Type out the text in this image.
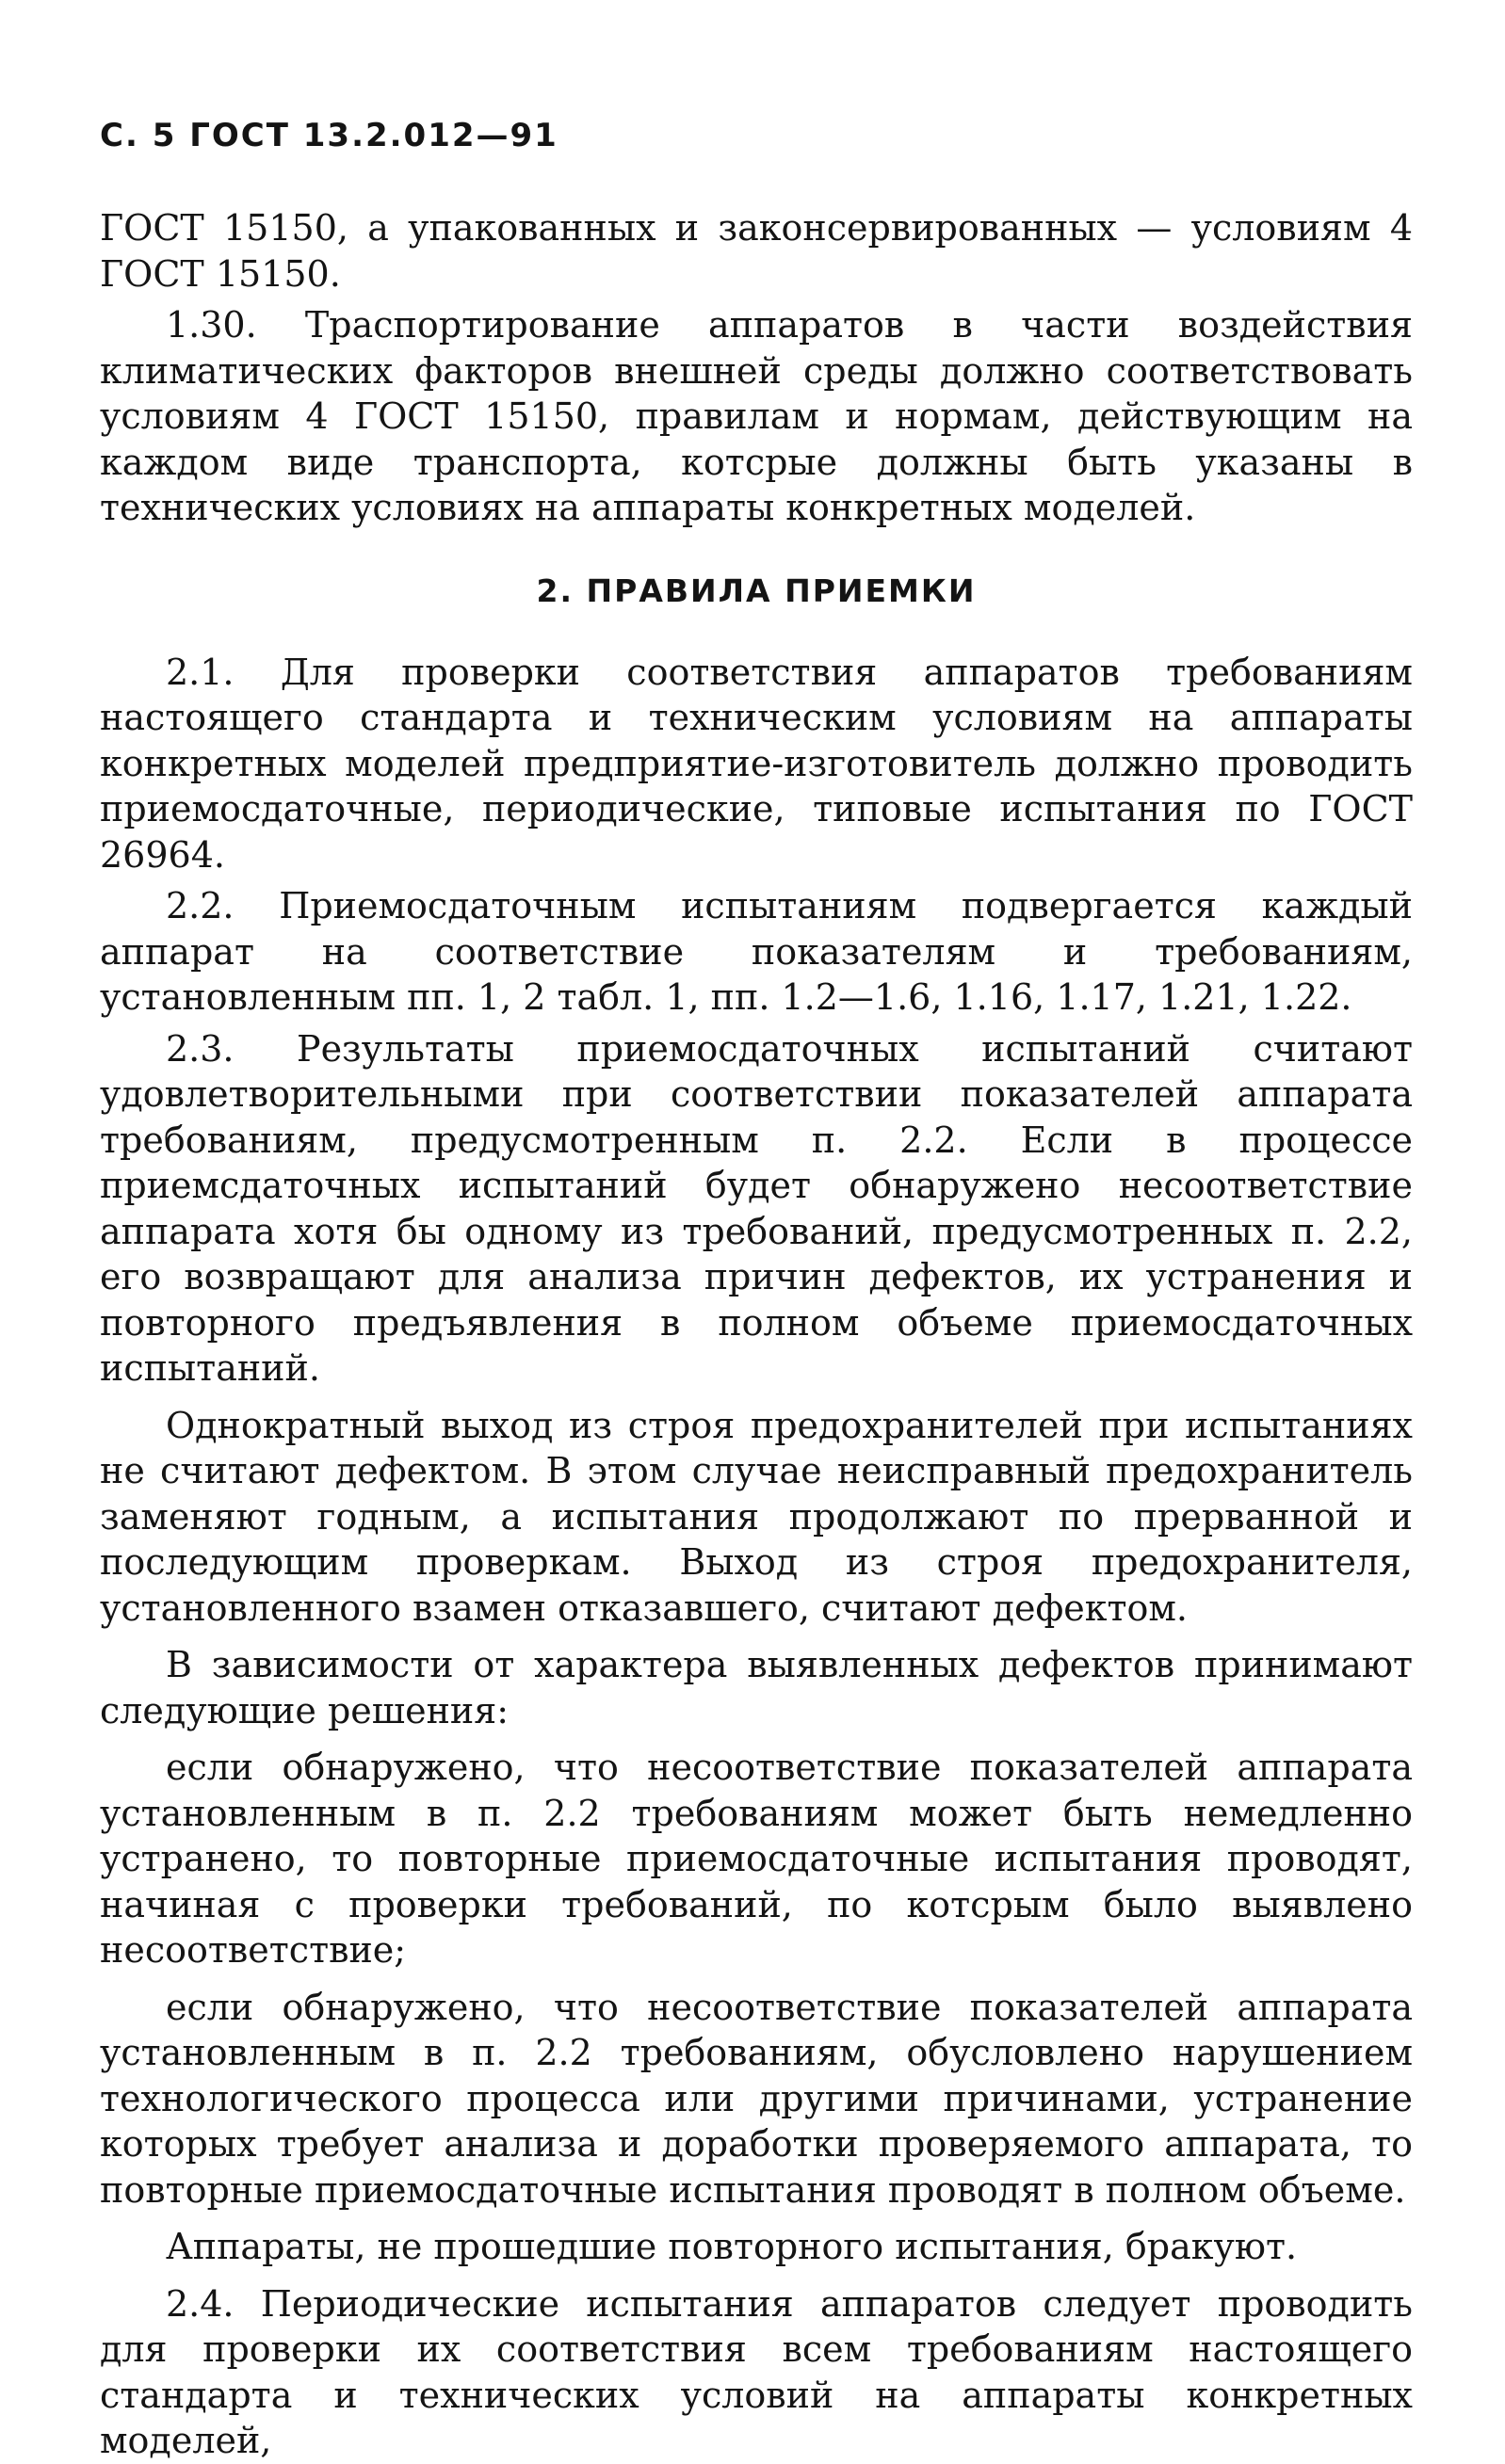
С. 5 ГОСТ 13.2.012—91

ГОСТ 15150, а упакованных и законсервированных — условиям 4 ГОСТ 15150.

1.30. Траспортирование аппаратов в части воздействия климатических факторов внешней среды должно соответствовать условиям 4 ГОСТ 15150, правилам и нормам, действующим на каждом виде транспорта, котсрые должны быть указаны в технических условиях на аппараты конкретных моделей.

2. ПРАВИЛА ПРИЕМКИ

2.1. Для проверки соответствия аппаратов требованиям настоящего стандарта и техническим условиям на аппараты конкретных моделей предприятие-изготовитель должно проводить приемосдаточные, периодические, типовые испытания по ГОСТ 26964.

2.2. Приемосдаточным испытаниям подвергается каждый аппарат на соответствие показателям и требованиям, установленным пп. 1, 2 табл. 1, пп. 1.2—1.6, 1.16, 1.17, 1.21, 1.22.

2.3. Результаты приемосдаточных испытаний считают удовлетворительными при соответствии показателей аппарата требованиям, предусмотренным п. 2.2. Если в процессе приемсдаточных испытаний будет обнаружено несоответствие аппарата хотя бы одному из требований, предусмотренных п. 2.2, его возвращают для анализа причин дефектов, их устранения и повторного предъявления в полном объеме приемосдаточных испытаний.

Однократный выход из строя предохранителей при испытаниях не считают дефектом. В этом случае неисправный предохранитель заменяют годным, а испытания продолжают по прерванной и последующим проверкам. Выход из строя предохранителя, установленного взамен отказавшего, считают дефектом.

В зависимости от характера выявленных дефектов принимают следующие решения:

если обнаружено, что несоответствие показателей аппарата установленным в п. 2.2 требованиям может быть немедленно устранено, то повторные приемосдаточные испытания проводят, начиная с проверки требований, по котсрым было выявлено несоответствие;

если обнаружено, что несоответствие показателей аппарата установленным в п. 2.2 требованиям, обусловлено нарушением технологического процесса или другими причинами, устранение которых требует анализа и доработки проверяемого аппарата, то повторные приемосдаточные испытания проводят в полном объеме.

Аппараты, не прошедшие повторного испытания, бракуют.

2.4. Периодические испытания аппаратов следует проводить для проверки их соответствия всем требованиям настоящего стандарта и технических условий на аппараты конкретных моделей,
